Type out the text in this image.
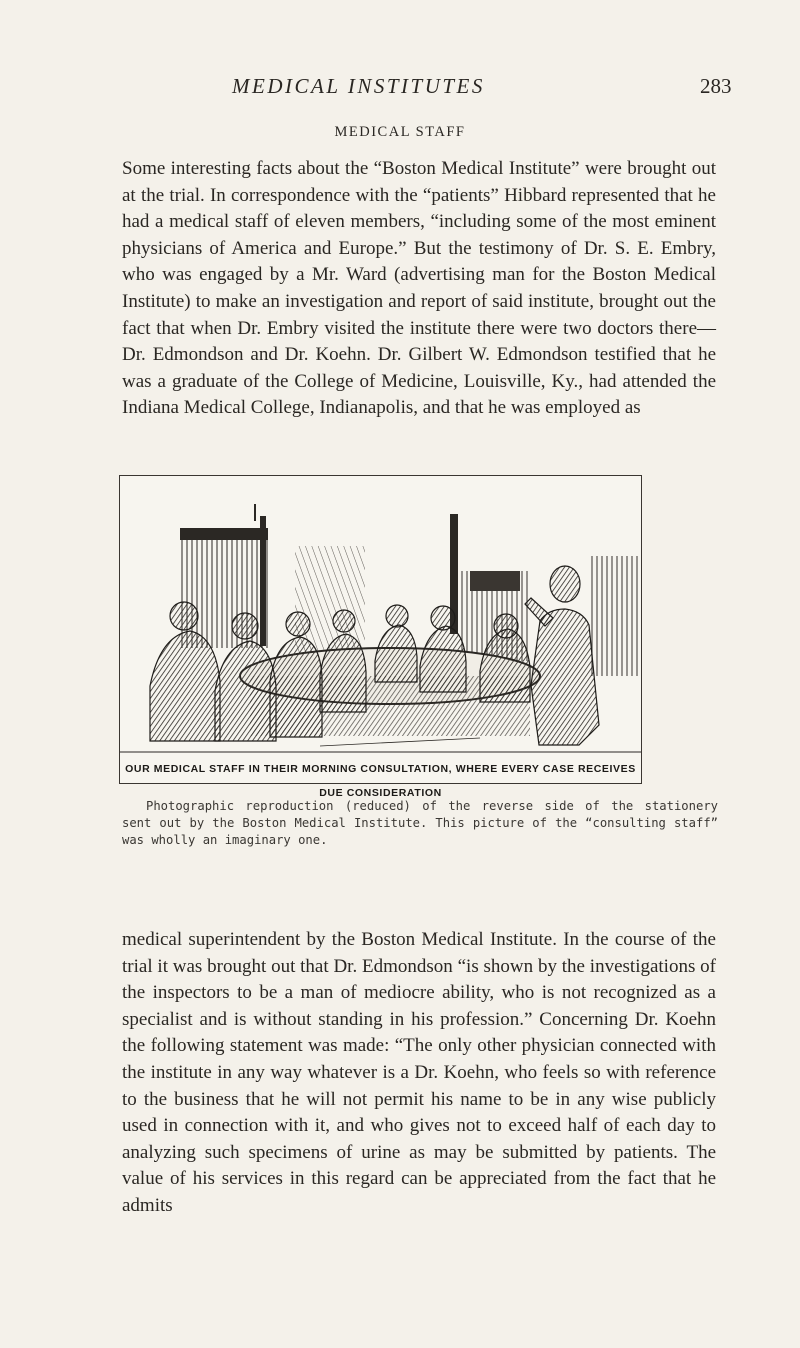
MEDICAL INSTITUTES	283
MEDICAL STAFF

Some interesting facts about the “Boston Medical Institute” were brought out at the trial. In correspondence with the “patients” Hibbard represented that he had a medical staff of eleven members, “including some of the most eminent physicians of America and Europe.” But the testimony of Dr. S. E. Embry, who was engaged by a Mr. Ward (advertising man for the Boston Medical Institute) to make an investigation and report of said institute, brought out the fact that when Dr. Embry visited the institute there were two doctors there—Dr. Edmondson and Dr. Koehn. Dr. Gilbert W. Edmondson testified that he was a graduate of the College of Medicine, Louisville, Ky., had attended the Indiana Medical College, Indianapolis, and that he was employed as

OUR MEDICAL STAFF IN THEIR MORNING CONSULTATION, WHERE EVERY CASE RECEIVES DUE CONSIDERATION

Photographic reproduction (reduced) of the reverse side of the stationery sent out by the Boston Medical Institute. This picture of the “consulting staff” was wholly an imaginary one.

medical superintendent by the Boston Medical Institute. In the course of the trial it was brought out that Dr. Edmondson “is shown by the investigations of the inspectors to be a man of mediocre ability, who is not recognized as a specialist and is without standing in his profession.” Concerning Dr. Koehn the following statement was made: “The only other physician connected with the institute in any way whatever is a Dr. Koehn, who feels so with reference to the business that he will not permit his name to be in any wise publicly used in connection with it, and who gives not to exceed half of each day to analyzing such specimens of urine as may be submitted by patients. The value of his services in this regard can be appreciated from the fact that he admits
